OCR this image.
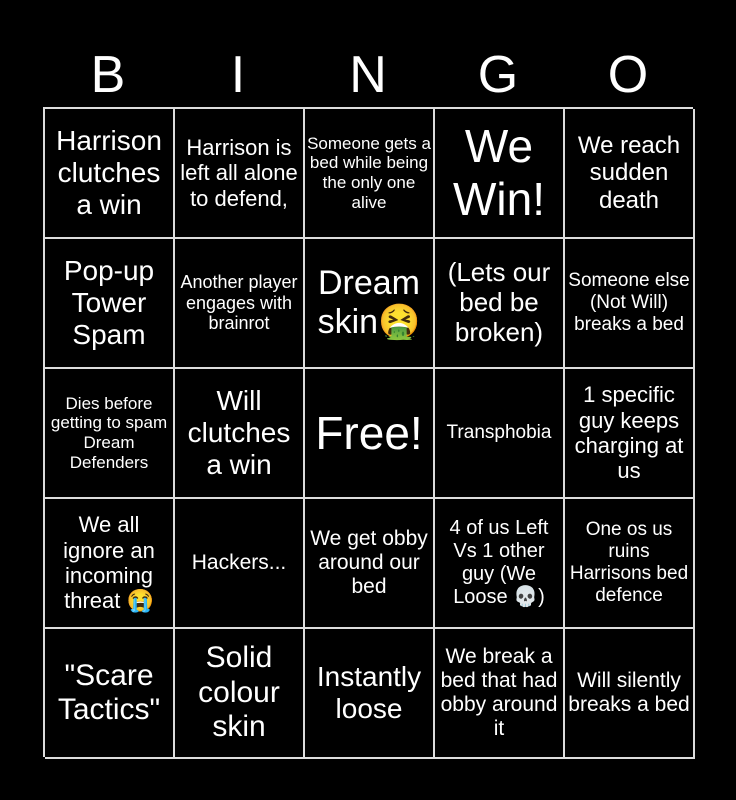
B	I	N	G	O
Harrison clutches a win
Harrison is left all alone to defend,
Someone gets a bed while being the only one alive
We Win!
We reach sudden death
Pop-up Tower Spam
Another player engages with brainrot
Dream skin🤮
(Lets our bed be broken)
Someone else (Not Will) breaks a bed
Dies before getting to spam Dream Defenders
Will clutches a win
Free!	Transphobia
1 specific guy keeps charging at us
We all ignore an incoming threat 😭
Hackers...
We get obby around our bed
4 of us Left Vs 1 other guy (We Loose 💀)
One os us ruins Harrisons bed defence
"Scare Tactics"
Solid colour skin
Instantly loose
We break a bed that had obby around it
Will silently breaks a bed
